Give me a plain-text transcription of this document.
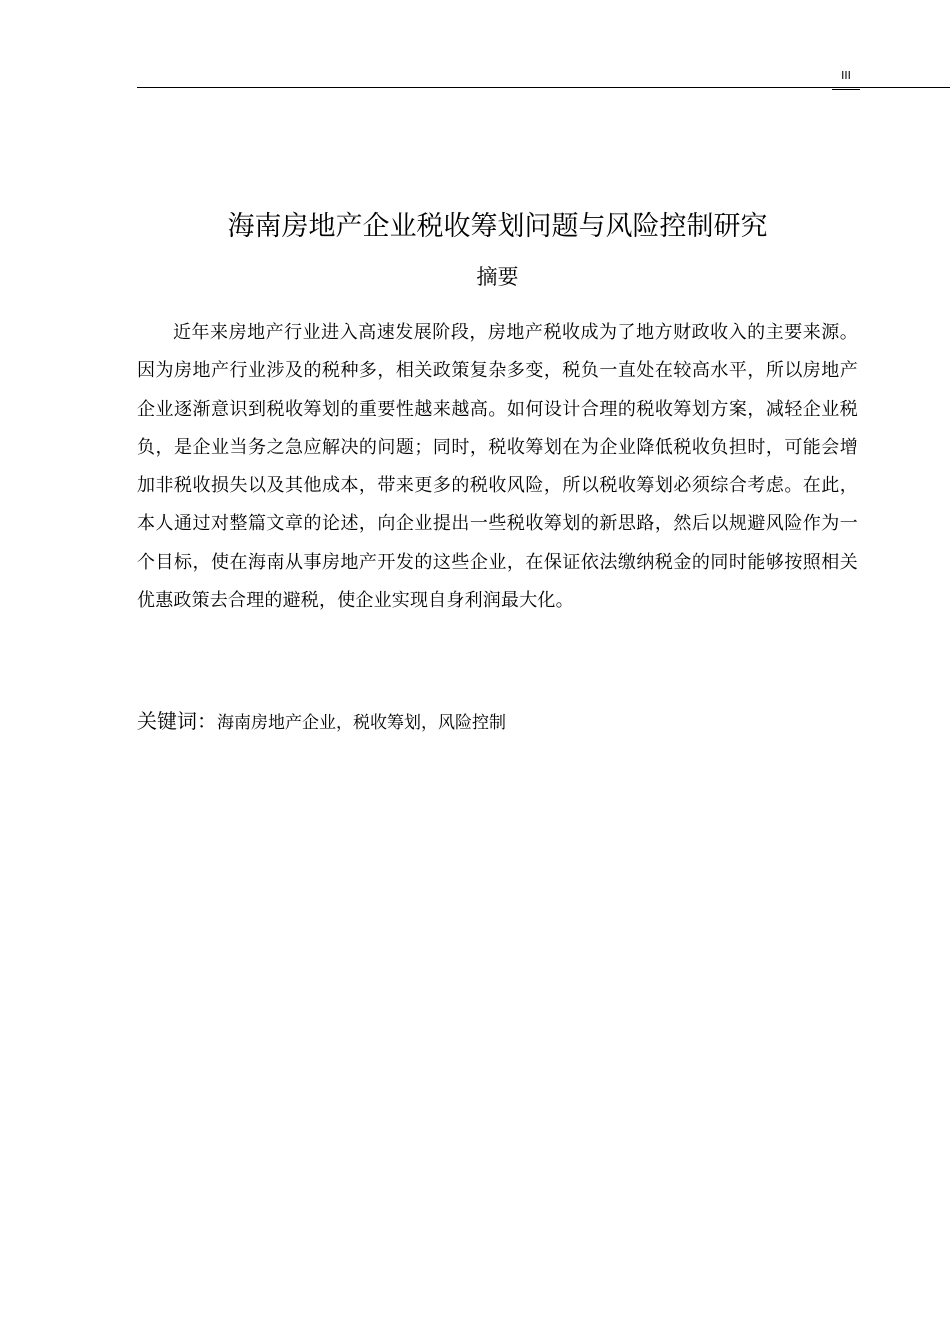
III
海南房地产企业税收筹划问题与风险控制研究
摘要

近年来房地产行业进入高速发展阶段，房地产税收成为了地方财政收入的主要来源。因为房地产行业涉及的税种多，相关政策复杂多变，税负一直处在较高水平，所以房地产企业逐渐意识到税收筹划的重要性越来越高。如何设计合理的税收筹划方案，减轻企业税负，是企业当务之急应解决的问题；同时，税收筹划在为企业降低税收负担时，可能会增加非税收损失以及其他成本，带来更多的税收风险，所以税收筹划必须综合考虑。在此，本人通过对整篇文章的论述，向企业提出一些税收筹划的新思路，然后以规避风险作为一个目标，使在海南从事房地产开发的这些企业，在保证依法缴纳税金的同时能够按照相关优惠政策去合理的避税，使企业实现自身利润最大化。

关键词：海南房地产企业，税收筹划，风险控制
